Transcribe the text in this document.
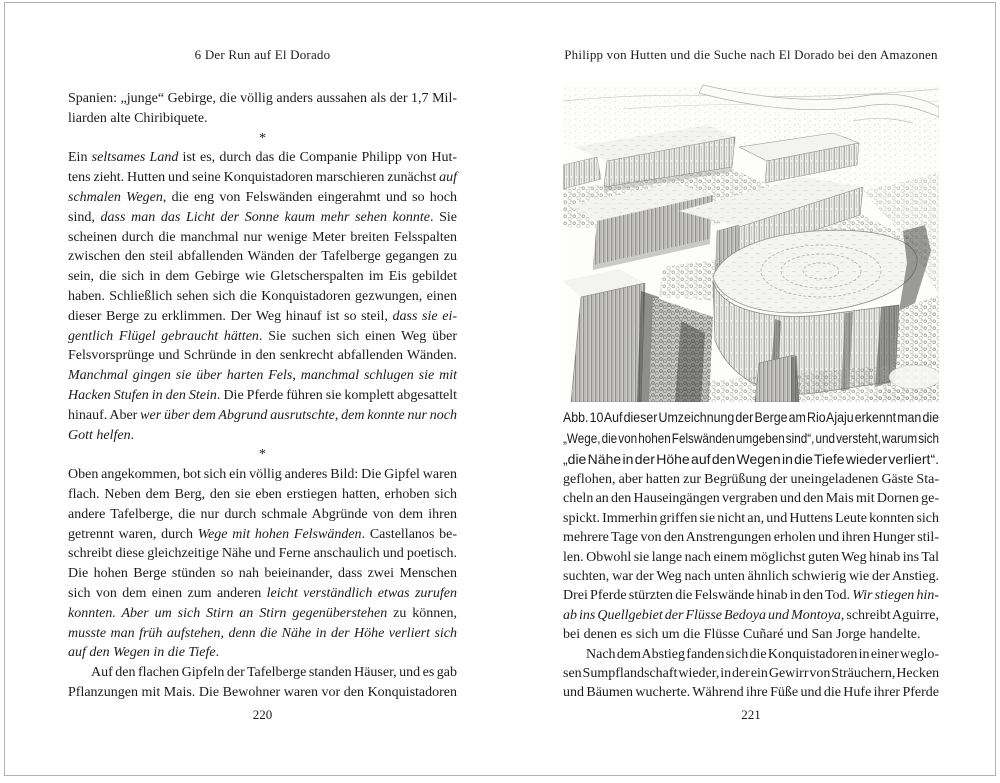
6 Der Run auf El Dorado
Spanien: „junge“ Gebirge, die völlig anders aussahen als der 1,7 Mil-
liarden alte Chiribiquete.
*
Ein seltsames Land ist es, durch das die Companie Philipp von Hut-
tens zieht. Hutten und seine Konquistadoren marschieren zunächst auf
schmalen Wegen, die eng von Felswänden eingerahmt und so hoch
sind, dass man das Licht der Sonne kaum mehr sehen konnte. Sie
scheinen durch die manchmal nur wenige Meter breiten Felsspalten
zwischen den steil abfallenden Wänden der Tafelberge gegangen zu
sein, die sich in dem Gebirge wie Gletscherspalten im Eis gebildet
haben. Schließlich sehen sich die Konquistadoren gezwungen, einen
dieser Berge zu erklimmen. Der Weg hinauf ist so steil, dass sie ei-
gentlich Flügel gebraucht hätten. Sie suchen sich einen Weg über
Felsvorsprünge und Schründe in den senkrecht abfallenden Wänden.
Manchmal gingen sie über harten Fels, manchmal schlugen sie mit
Hacken Stufen in den Stein. Die Pferde führen sie komplett abgesattelt
hinauf. Aber wer über dem Abgrund ausrutschte, dem konnte nur noch
Gott helfen.
*
Oben angekommen, bot sich ein völlig anderes Bild: Die Gipfel waren
flach. Neben dem Berg, den sie eben erstiegen hatten, erhoben sich
andere Tafelberge, die nur durch schmale Abgründe von dem ihren
getrennt waren, durch Wege mit hohen Felswänden. Castellanos be-
schreibt diese gleichzeitige Nähe und Ferne anschaulich und poetisch.
Die hohen Berge stünden so nah beieinander, dass zwei Menschen
sich von dem einen zum anderen leicht verständlich etwas zurufen
konnten. Aber um sich Stirn an Stirn gegenüberstehen zu können,
musste man früh aufstehen, denn die Nähe in der Höhe verliert sich
auf den Wegen in die Tiefe.
Auf den flachen Gipfeln der Tafelberge standen Häuser, und es gab
Pflanzungen mit Mais. Die Bewohner waren vor den Konquistadoren
220
Philipp von Hutten und die Suche nach El Dorado bei den Amazonen
Abb. 10 Auf dieser Umzeichnung der Berge am Rio Ajaju erkennt man die
„Wege, die von hohen Felswänden umgeben sind“, und versteht, warum sich
„die Nähe in der Höhe auf den Wegen in die Tiefe wieder verliert“.
geflohen, aber hatten zur Begrüßung der uneingeladenen Gäste Sta-
cheln an den Hauseingängen vergraben und den Mais mit Dornen ge-
spickt. Immerhin griffen sie nicht an, und Huttens Leute konnten sich
mehrere Tage von den Anstrengungen erholen und ihren Hunger stil-
len. Obwohl sie lange nach einem möglichst guten Weg hinab ins Tal
suchten, war der Weg nach unten ähnlich schwierig wie der Anstieg.
Drei Pferde stürzten die Felswände hinab in den Tod. Wir stiegen hin-
ab ins Quellgebiet der Flüsse Bedoya und Montoya, schreibt Aguirre,
bei denen es sich um die Flüsse Cuñaré und San Jorge handelte.
Nach dem Abstieg fanden sich die Konquistadoren in einer weglo-
sen Sumpflandschaft wieder, in der ein Gewirr von Sträuchern, Hecken
und Bäumen wucherte. Während ihre Füße und die Hufe ihrer Pferde
221
